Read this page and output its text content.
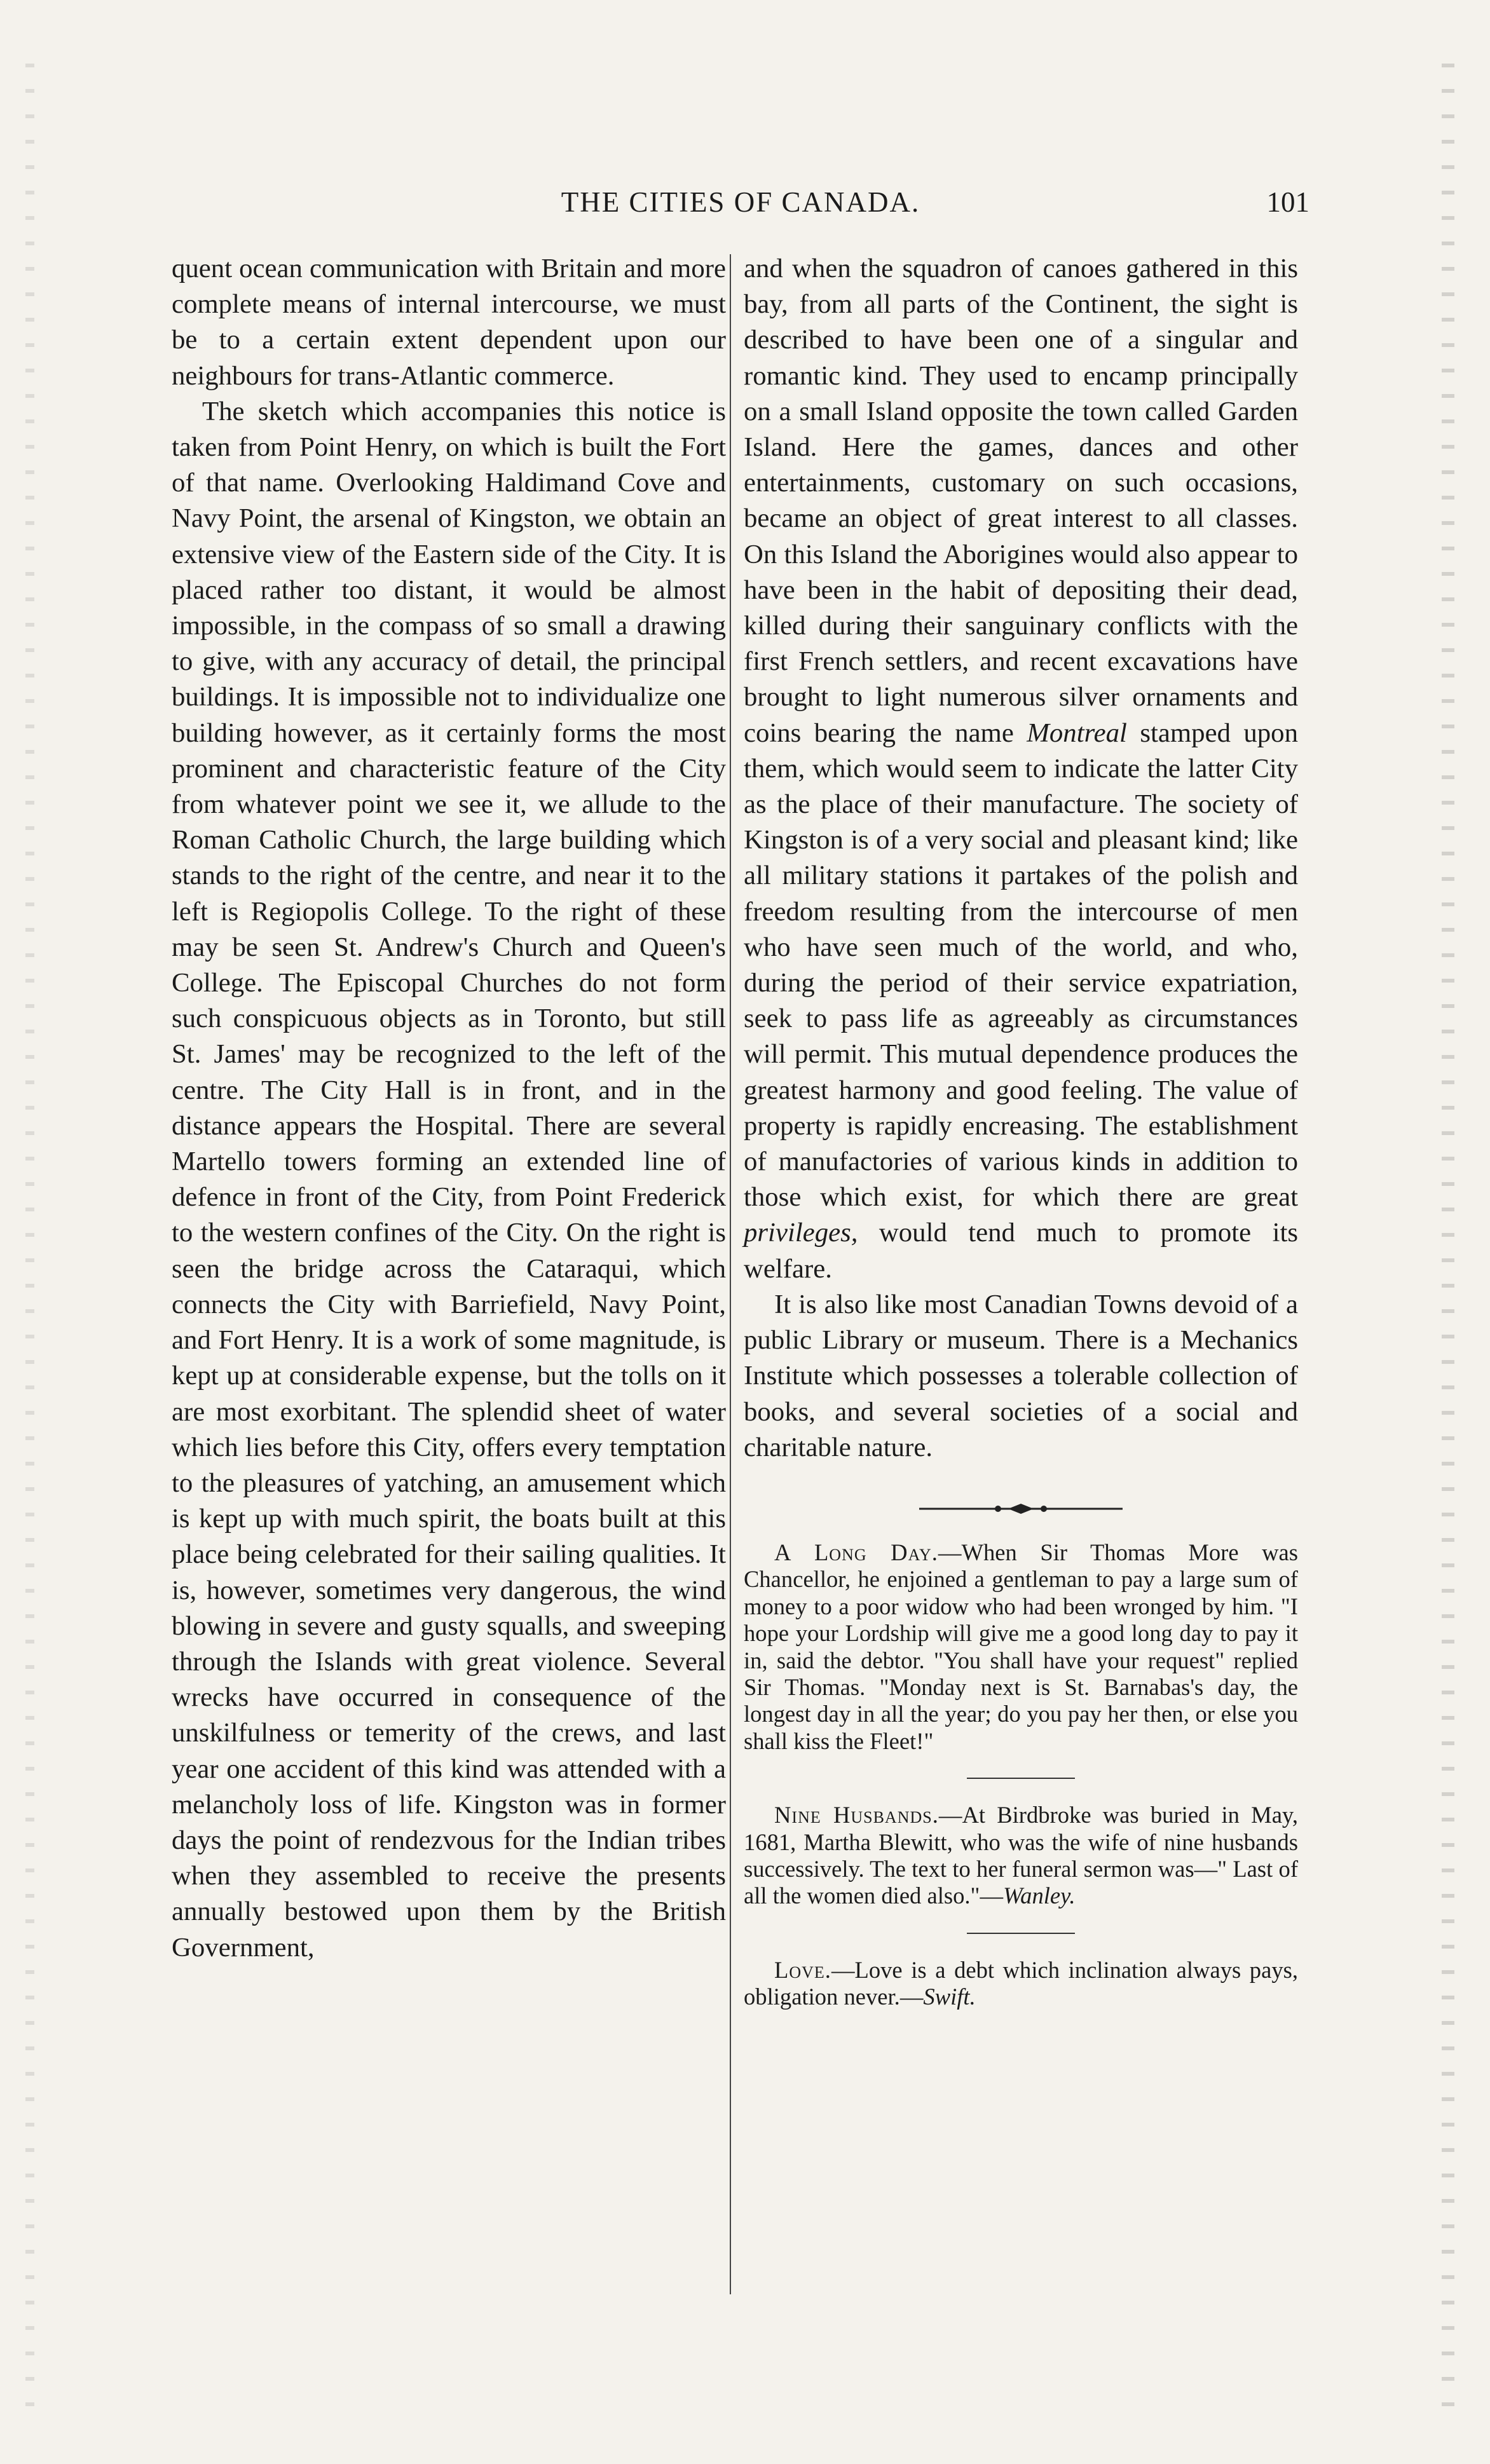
THE CITIES OF CANADA.	101

quent ocean communication with Britain and more complete means of internal intercourse, we must be to a certain extent dependent upon our neighbours for trans-Atlantic commerce.

The sketch which accompanies this notice is taken from Point Henry, on which is built the Fort of that name. Overlooking Haldimand Cove and Navy Point, the arsenal of Kingston, we obtain an extensive view of the Eastern side of the City. It is placed rather too distant, it would be almost impossible, in the compass of so small a drawing to give, with any accuracy of detail, the principal buildings. It is impossible not to individualize one building however, as it certainly forms the most prominent and characteristic feature of the City from whatever point we see it, we allude to the Roman Catholic Church, the large building which stands to the right of the centre, and near it to the left is Regiopolis College. To the right of these may be seen St. Andrew's Church and Queen's College. The Episcopal Churches do not form such conspicuous objects as in Toronto, but still St. James' may be recognized to the left of the centre. The City Hall is in front, and in the distance appears the Hospital. There are several Martello towers forming an extended line of defence in front of the City, from Point Frederick to the western confines of the City. On the right is seen the bridge across the Cataraqui, which connects the City with Barriefield, Navy Point, and Fort Henry. It is a work of some magnitude, is kept up at considerable expense, but the tolls on it are most exorbitant. The splendid sheet of water which lies before this City, offers every temptation to the pleasures of yatching, an amusement which is kept up with much spirit, the boats built at this place being celebrated for their sailing qualities. It is, however, sometimes very dangerous, the wind blowing in severe and gusty squalls, and sweeping through the Islands with great violence. Several wrecks have occurred in consequence of the unskilfulness or temerity of the crews, and last year one accident of this kind was attended with a melancholy loss of life. Kingston was in former days the point of rendezvous for the Indian tribes when they assembled to receive the presents annually bestowed upon them by the British Government,

and when the squadron of canoes gathered in this bay, from all parts of the Continent, the sight is described to have been one of a singular and romantic kind. They used to encamp principally on a small Island opposite the town called Garden Island. Here the games, dances and other entertainments, customary on such occasions, became an object of great interest to all classes. On this Island the Aborigines would also appear to have been in the habit of depositing their dead, killed during their sanguinary conflicts with the first French settlers, and recent excavations have brought to light numerous silver ornaments and coins bearing the name Montreal stamped upon them, which would seem to indicate the latter City as the place of their manufacture. The society of Kingston is of a very social and pleasant kind; like all military stations it partakes of the polish and freedom resulting from the intercourse of men who have seen much of the world, and who, during the period of their service expatriation, seek to pass life as agreeably as circumstances will permit. This mutual dependence produces the greatest harmony and good feeling. The value of property is rapidly encreasing. The establishment of manufactories of various kinds in addition to those which exist, for which there are great privileges, would tend much to promote its welfare.

It is also like most Canadian Towns devoid of a public Library or museum. There is a Mechanics Institute which possesses a tolerable collection of books, and several societies of a social and charitable nature.

A Long Day.—When Sir Thomas More was Chancellor, he enjoined a gentleman to pay a large sum of money to a poor widow who had been wronged by him. "I hope your Lordship will give me a good long day to pay it in, said the debtor. "You shall have your request" replied Sir Thomas. "Monday next is St. Barnabas's day, the longest day in all the year; do you pay her then, or else you shall kiss the Fleet!"

Nine Husbands.—At Birdbroke was buried in May, 1681, Martha Blewitt, who was the wife of nine husbands successively. The text to her funeral sermon was—" Last of all the women died also."—Wanley.

Love.—Love is a debt which inclination always pays, obligation never.—Swift.
